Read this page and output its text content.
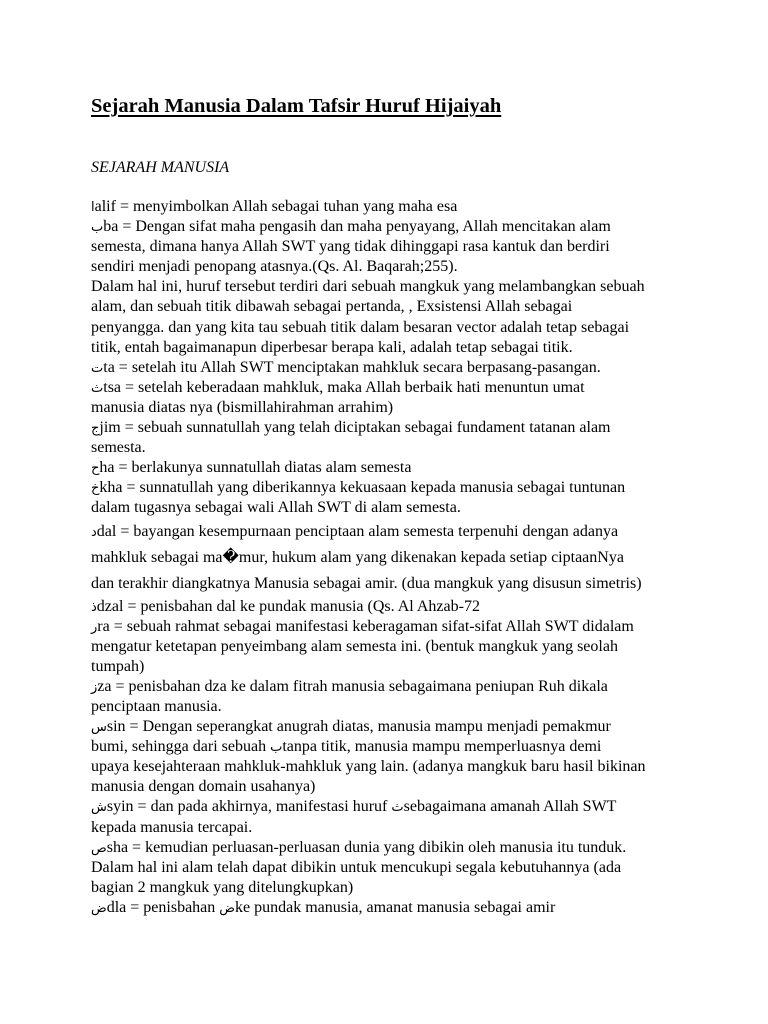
Sejarah Manusia Dalam Tafsir Huruf Hijaiyah
SEJARAH MANUSIA
اalif = menyimbolkan Allah sebagai tuhan yang maha esa
بba = Dengan sifat maha pengasih dan maha penyayang, Allah mencitakan alam
semesta, dimana hanya Allah SWT yang tidak dihinggapi rasa kantuk dan berdiri
sendiri menjadi penopang atasnya.(Qs. Al. Baqarah;255).
Dalam hal ini, huruf tersebut terdiri dari sebuah mangkuk yang melambangkan sebuah
alam, dan sebuah titik dibawah sebagai pertanda, , Exsistensi Allah sebagai
penyangga. dan yang kita tau sebuah titik dalam besaran vector adalah tetap sebagai
titik, entah bagaimanapun diperbesar berapa kali, adalah tetap sebagai titik.
تta = setelah itu Allah SWT menciptakan mahkluk secara berpasang-pasangan.
ثtsa = setelah keberadaan mahkluk, maka Allah berbaik hati menuntun umat
manusia diatas nya (bismillahirahman arrahim)
جjim = sebuah sunnatullah yang telah diciptakan sebagai fundament tatanan alam
semesta.
حha = berlakunya sunnatullah diatas alam semesta
خkha = sunnatullah yang diberikannya kekuasaan kepada manusia sebagai tuntunan
dalam tugasnya sebagai wali Allah SWT di alam semesta.
دdal = bayangan kesempurnaan penciptaan alam semesta terpenuhi dengan adanya
mahkluk sebagai ma�mur, hukum alam yang dikenakan kepada setiap ciptaanNya
dan terakhir diangkatnya Manusia sebagai amir. (dua mangkuk yang disusun simetris)
ذdzal = penisbahan dal ke pundak manusia (Qs. Al Ahzab-72
رra = sebuah rahmat sebagai manifestasi keberagaman sifat-sifat Allah SWT didalam
mengatur ketetapan penyeimbang alam semesta ini. (bentuk mangkuk yang seolah
tumpah)
زza = penisbahan dza ke dalam fitrah manusia sebagaimana peniupan Ruh dikala
penciptaan manusia.
سsin = Dengan seperangkat anugrah diatas, manusia mampu menjadi pemakmur
bumi, sehingga dari sebuah بtanpa titik, manusia mampu memperluasnya demi
upaya kesejahteraan mahkluk-mahkluk yang lain. (adanya mangkuk baru hasil bikinan
manusia dengan domain usahanya)
شsyin = dan pada akhirnya, manifestasi huruf ثsebagaimana amanah Allah SWT
kepada manusia tercapai.
صsha = kemudian perluasan-perluasan dunia yang dibikin oleh manusia itu tunduk.
Dalam hal ini alam telah dapat dibikin untuk mencukupi segala kebutuhannya (ada
bagian 2 mangkuk yang ditelungkupkan)
ضdla = penisbahan ضke pundak manusia, amanat manusia sebagai amir
